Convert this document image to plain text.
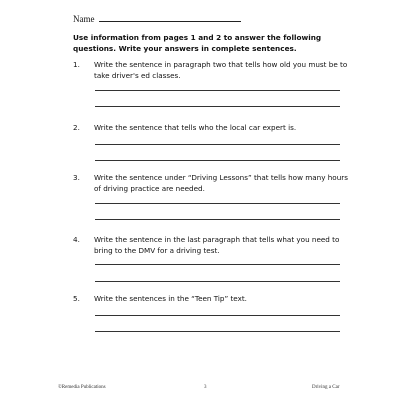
Name

Use information from pages 1 and 2 to answer the following questions. Write your answers in complete sentences.

1. Write the sentence in paragraph two that tells how old you must be to take driver's ed classes.
2. Write the sentence that tells who the local car expert is.
3. Write the sentence under “Driving Lessons” that tells how many hours of driving practice are needed.
4. Write the sentence in the last paragraph that tells what you need to bring to the DMV for a driving test.
5. Write the sentences in the “Teen Tip” text.
©Remedia Publications	3	Driving a Car
